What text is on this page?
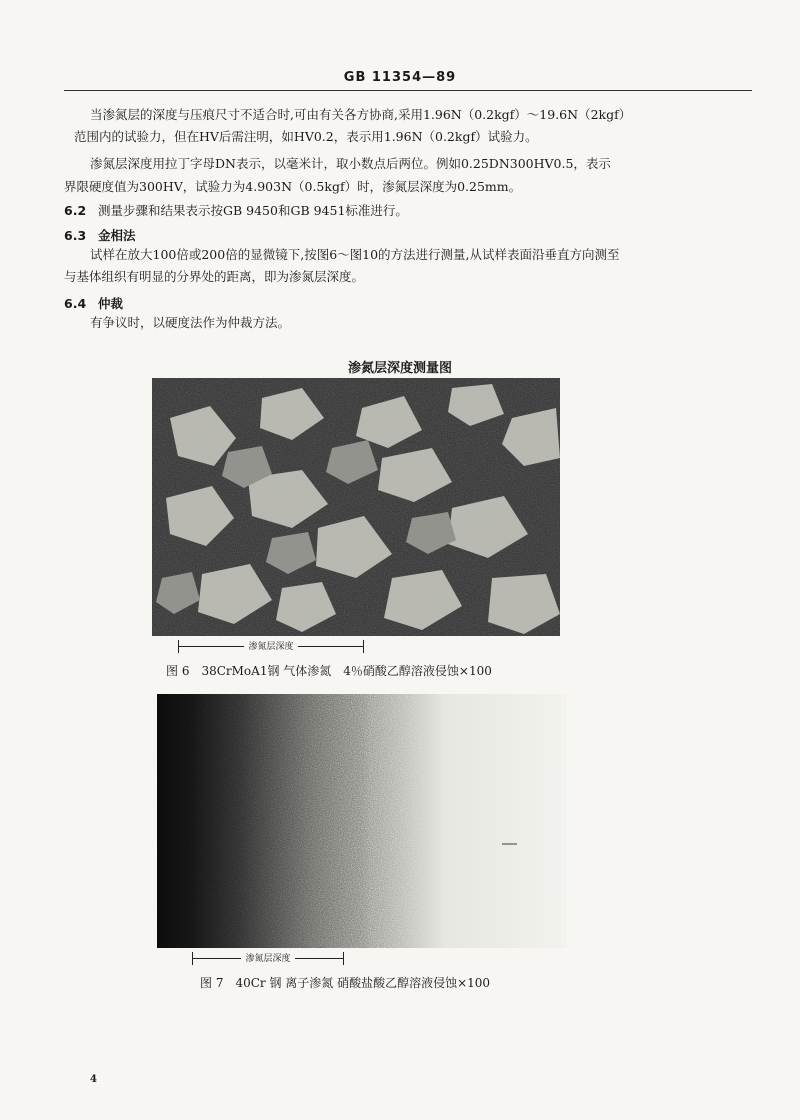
GB 11354—89
当渗氮层的深度与压痕尺寸不适合时,可由有关各方协商,采用1.96N（0.2kgf）～19.6N（2kgf）
范围内的试验力，但在HV后需注明，如HV0.2，表示用1.96N（0.2kgf）试验力。
渗氮层深度用拉丁字母DN表示，以毫米计，取小数点后两位。例如0.25DN300HV0.5，表示
界限硬度值为300HV，试验力为4.903N（0.5kgf）时，渗氮层深度为0.25mm。
6.2 测量步骤和结果表示按GB 9450和GB 9451标准进行。
6.3 金相法
试样在放大100倍或200倍的显微镜下,按图6～图10的方法进行测量,从试样表面沿垂直方向测至
与基体组织有明显的分界处的距离，即为渗氮层深度。
6.4 仲裁
有争议时，以硬度法作为仲裁方法。
渗氮层深度测量图
渗氮层深度
图 6　38CrMoA1钢 气体渗氮　4％硝酸乙醇溶液侵蚀×100
渗氮层深度
图 7　40Cr 钢 离子渗氮 硝酸盐酸乙醇溶液侵蚀×100
4
